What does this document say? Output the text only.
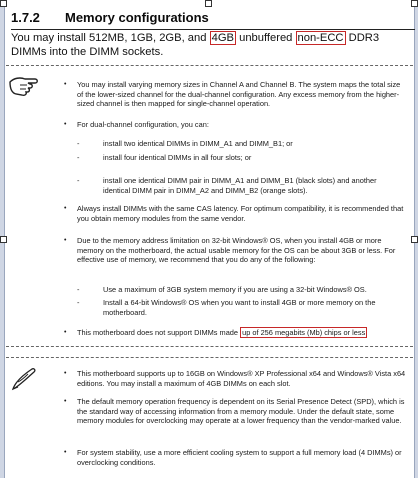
1.7.2 Memory configurations
You may install 512MB, 1GB, 2GB, and 4GB unbuffered non-ECC DDR3 DIMMs into the DIMM sockets.
• You may install varying memory sizes in Channel A and Channel B. The system maps the total size of the lower-sized channel for the dual-channel configuration. Any excess memory from the higher-sized channel is then mapped for single-channel operation.
• For dual-channel configuration, you can:
-	install two identical DIMMs in DIMM_A1 and DIMM_B1; or
-	install four identical DIMMs in all four slots; or
-	install one identical DIMM pair in DIMM_A1 and DIMM_B1 (black slots) and another identical DIMM pair in DIMM_A2 and DIMM_B2 (orange slots).
• Always install DIMMs with the same CAS latency. For optimum compatibility, it is recommended that you obtain memory modules from the same vendor.
• Due to the memory address limitation on 32-bit Windows® OS, when you install 4GB or more memory on the motherboard, the actual usable memory for the OS can be about 3GB or less. For effective use of memory, we recommend that you do any of the following:
-	Use a maximum of 3GB system memory if you are using a 32-bit Windows® OS.
-	Install a 64-bit Windows® OS when you want to install 4GB or more memory on the motherboard.
• This motherboard does not support DIMMs made up of 256 megabits (Mb) chips or less
• This motherboard supports up to 16GB on Windows® XP Professional x64 and Windows® Vista x64 editions. You may install a maximum of 4GB DIMMs on each slot.
• The default memory operation frequency is dependent on its Serial Presence Detect (SPD), which is the standard way of accessing information from a memory module. Under the default state, some memory modules for overclocking may operate at a lower frequency than the vendor-marked value.
• For system stability, use a more efficient cooling system to support a full memory load (4 DIMMs) or overclocking conditions.
